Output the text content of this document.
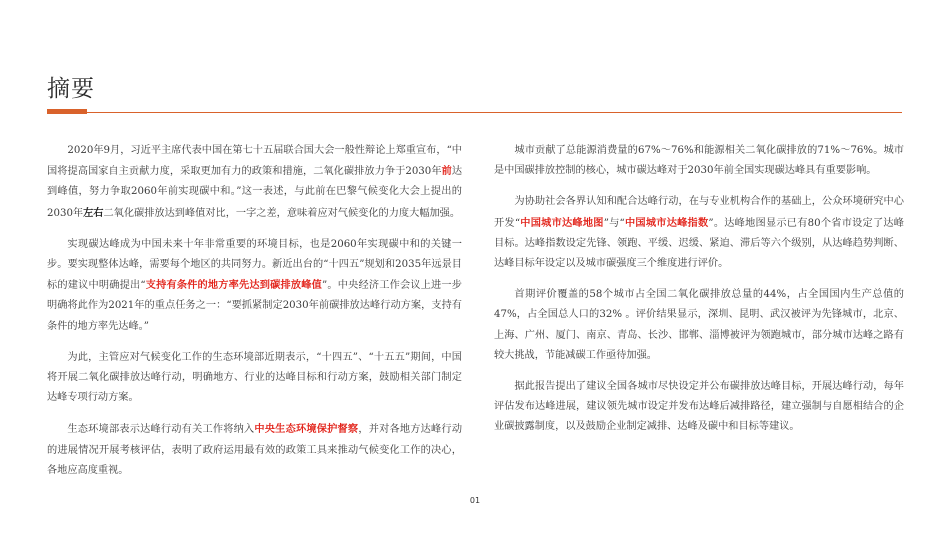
摘要

2020年9月，习近平主席代表中国在第七十五届联合国大会一般性辩论上郑重宣布，“中国将提高国家自主贡献力度，采取更加有力的政策和措施，二氧化碳排放力争于2030年前达到峰值，努力争取2060年前实现碳中和。”这一表述，与此前在巴黎气候变化大会上提出的2030年左右二氧化碳排放达到峰值对比，一字之差，意味着应对气候变化的力度大幅加强。

实现碳达峰成为中国未来十年非常重要的环境目标，也是2060年实现碳中和的关键一步。要实现整体达峰，需要每个地区的共同努力。新近出台的“十四五”规划和2035年远景目标的建议中明确提出“支持有条件的地方率先达到碳排放峰值”。中央经济工作会议上进一步明确将此作为2021年的重点任务之一：“要抓紧制定2030年前碳排放达峰行动方案，支持有条件的地方率先达峰。”

为此，主管应对气候变化工作的生态环境部近期表示，“十四五”、“十五五”期间，中国将开展二氧化碳排放达峰行动，明确地方、行业的达峰目标和行动方案，鼓励相关部门制定达峰专项行动方案。

生态环境部表示达峰行动有关工作将纳入中央生态环境保护督察，并对各地方达峰行动的进展情况开展考核评估，表明了政府运用最有效的政策工具来推动气候变化工作的决心，各地应高度重视。

城市贡献了总能源消费量的67%～76%和能源相关二氧化碳排放的71%～76%。城市是中国碳排放控制的核心，城市碳达峰对于2030年前全国实现碳达峰具有重要影响。

为协助社会各界认知和配合达峰行动，在与专业机构合作的基础上，公众环境研究中心开发“中国城市达峰地图”与“中国城市达峰指数”。达峰地图显示已有80个省市设定了达峰目标。达峰指数设定先锋、领跑、平缓、迟缓、紧迫、滞后等六个级别，从达峰趋势判断、达峰目标年设定以及城市碳强度三个维度进行评价。

首期评价覆盖的58个城市占全国二氧化碳排放总量的44%，占全国国内生产总值的47%，占全国总人口的32% 。评价结果显示，深圳、昆明、武汉被评为先锋城市，北京、上海、广州、厦门、南京、青岛、长沙、邯郸、淄博被评为领跑城市，部分城市达峰之路有较大挑战，节能减碳工作亟待加强。

据此报告提出了建议全国各城市尽快设定并公布碳排放达峰目标，开展达峰行动，每年评估发布达峰进展，建议领先城市设定并发布达峰后减排路径，建立强制与自愿相结合的企业碳披露制度，以及鼓励企业制定减排、达峰及碳中和目标等建议。

01
